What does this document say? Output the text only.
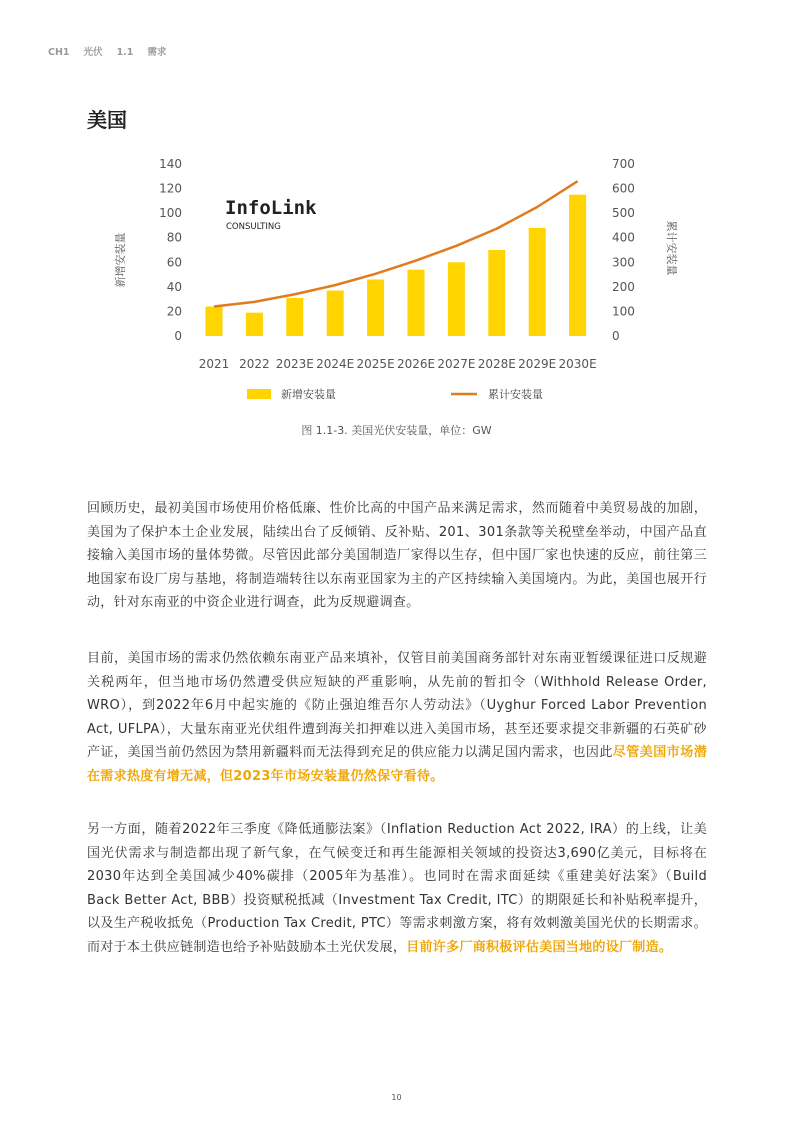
CH1 光伏 1.1 需求
美国
InfoLink
CONSULTING
0
20
40
60
80
100
120
140
0
100
200
300
400
500
600
700
新增安装量	累计安装量
2021 2022 2023E 2024E 2025E 2026E 2027E 2028E 2029E 2030E
新增安装量	累计安装量
图 1.1-3. 美国光伏安装量，单位：GW

回顾历史，最初美国市场使用价格低廉、性价比高的中国产品来满足需求，然而随着中美贸易战的加剧，美国为了保护本土企业发展，陆续出台了反倾销、反补贴、201、301条款等关税壁垒举动，中国产品直接输入美国市场的量体势微。尽管因此部分美国制造厂家得以生存，但中国厂家也快速的反应，前往第三地国家布设厂房与基地，将制造端转往以东南亚国家为主的产区持续输入美国境内。为此，美国也展开行动，针对东南亚的中资企业进行调查，此为反规避调查。

目前，美国市场的需求仍然依赖东南亚产品来填补，仅管目前美国商务部针对东南亚暂缓课征进口反规避关税两年，但当地市场仍然遭受供应短缺的严重影响，从先前的暂扣令（Withhold Release Order, WRO），到2022年6月中起实施的《防止强迫维吾尔人劳动法》（Uyghur Forced Labor Prevention Act, UFLPA），大量东南亚光伏组件遭到海关扣押难以进入美国市场，甚至还要求提交非新疆的石英矿砂产证，美国当前仍然因为禁用新疆料而无法得到充足的供应能力以满足国内需求，也因此尽管美国市场潜在需求热度有增无减，但2023年市场安装量仍然保守看待。

另一方面，随着2022年三季度《降低通膨法案》（Inflation Reduction Act 2022, IRA）的上线，让美国光伏需求与制造都出现了新气象，在气候变迁和再生能源相关领域的投资达3,690亿美元，目标将在2030年达到全美国减少40%碳排（2005年为基准）。也同时在需求面延续《重建美好法案》（Build Back Better Act, BBB）投资赋税抵减（Investment Tax Credit, ITC）的期限延长和补贴税率提升，以及生产税收抵免（Production Tax Credit, PTC）等需求刺激方案，将有效刺激美国光伏的长期需求。而对于本土供应链制造也给予补贴鼓励本土光伏发展，目前许多厂商积极评估美国当地的设厂制造。

10
